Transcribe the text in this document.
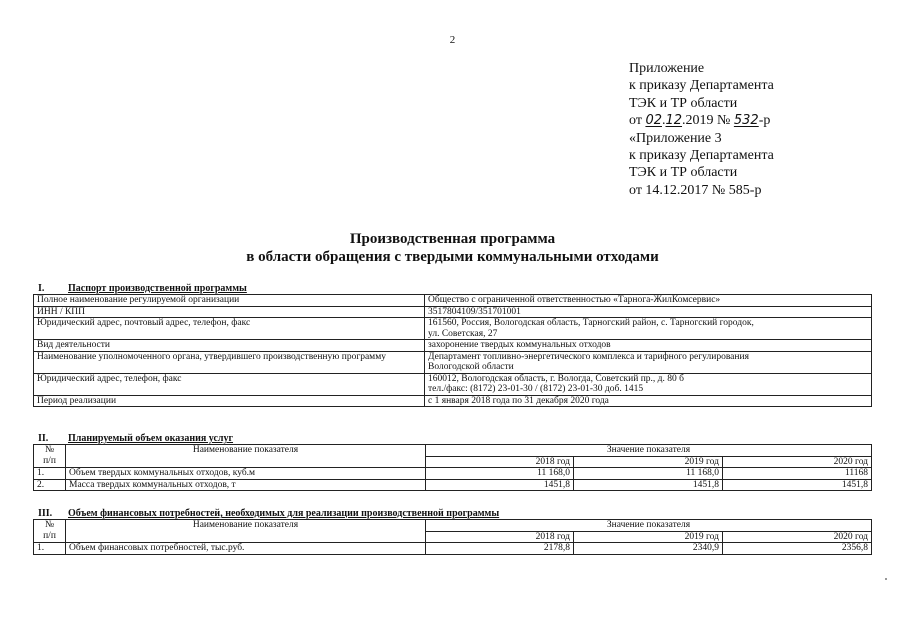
2
Приложение
к приказу Департамента
ТЭК и ТР области
от 02.12.2019 № 532-р
«Приложение 3
к приказу Департамента
ТЭК и ТР области
от 14.12.2017 № 585-р
Производственная программа
в области обращения с твердыми коммунальными отходами
I. Паспорт производственной программы
Полное наименование регулируемой организации	Общество с ограниченной ответственностью «Тарнога-ЖилКомсервис»
ИНН / КПП	3517804109/351701001
Юридический адрес, почтовый адрес, телефон, факс	161560, Россия, Вологодская область, Тарногский район, с. Тарногский городок,
ул. Советская, 27

Вид деятельности	захоронение твердых коммунальных отходов
Наименование уполномоченного органа, утвердившего производственную программу	Департамент топливно-энергетического комплекса и тарифного регулирования
Вологодской области

Юридический адрес, телефон, факс	160012, Вологодская область, г. Вологда, Советский пр., д. 80 б
тел./факс: (8172) 23-01-30 / (8172) 23-01-30 доб. 1415

Период реализации	с 1 января 2018 года по 31 декабря 2020 года
II. Планируемый объем оказания услуг
№
п/п	Наименование показателя	Значение показателя		
		2018 год	2019 год	2020 год
1.	Объем твердых коммунальных отходов, куб.м	11 168,0	11 168,0	11168
2.	Масса твердых коммунальных отходов, т	1451,8	1451,8	1451,8
III. Объем финансовых потребностей, необходимых для реализации производственной программы
№
п/п	Наименование показателя	Значение показателя		
		2018 год	2019 год	2020 год
1.	Объем финансовых потребностей, тыс.руб.	2178,8	2340,9	2356,8
